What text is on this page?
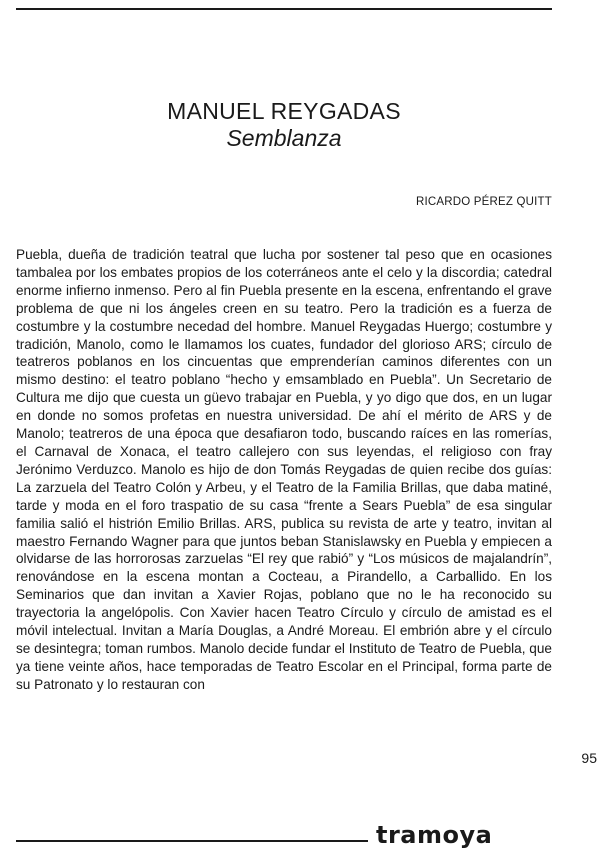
MANUEL REYGADAS
Semblanza
RICARDO PÉREZ QUITT

Puebla, dueña de tradición teatral que lucha por sostener tal peso que en ocasiones tambalea por los embates propios de los coterráneos ante el celo y la discordia; catedral enorme infierno inmenso. Pero al fin Puebla presente en la escena, enfrentando el grave problema de que ni los ángeles creen en su teatro. Pero la tradición es a fuerza de costumbre y la costumbre necedad del hombre. Manuel Reygadas Huergo; costumbre y tradición, Manolo, como le llamamos los cuates, fundador del glorioso ARS; círculo de teatreros poblanos en los cincuentas que emprenderían caminos diferentes con un mismo destino: el teatro poblano “hecho y emsamblado en Puebla”. Un Secretario de Cultura me dijo que cuesta un güevo trabajar en Puebla, y yo digo que dos, en un lugar en donde no somos profetas en nuestra universidad. De ahí el mérito de ARS y de Manolo; teatreros de una época que desafiaron todo, buscando raíces en las romerías, el Carnaval de Xonaca, el teatro callejero con sus leyendas, el religioso con fray Jerónimo Verduzco. Manolo es hijo de don Tomás Reygadas de quien recibe dos guías: La zarzuela del Teatro Colón y Arbeu, y el Teatro de la Familia Brillas, que daba matiné, tarde y moda en el foro traspatio de su casa “frente a Sears Puebla” de esa singular familia salió el histrión Emilio Brillas. ARS, publica su revista de arte y teatro, invitan al maestro Fernando Wagner para que juntos beban Stanislawsky en Puebla y empiecen a olvidarse de las horrorosas zarzuelas “El rey que rabió” y “Los músicos de majalandrín”, renovándose en la escena montan a Cocteau, a Pirandello, a Carballido. En los Seminarios que dan invitan a Xavier Rojas, poblano que no le ha reconocido su trayectoria la angelópolis. Con Xavier hacen Teatro Círculo y círculo de amistad es el móvil intelectual. Invitan a María Douglas, a André Moreau. El embrión abre y el círculo se desintegra; toman rumbos. Manolo decide fundar el Instituto de Teatro de Puebla, que ya tiene veinte años, hace temporadas de Teatro Escolar en el Principal, forma parte de su Patronato y lo restauran con

95
tramoya
